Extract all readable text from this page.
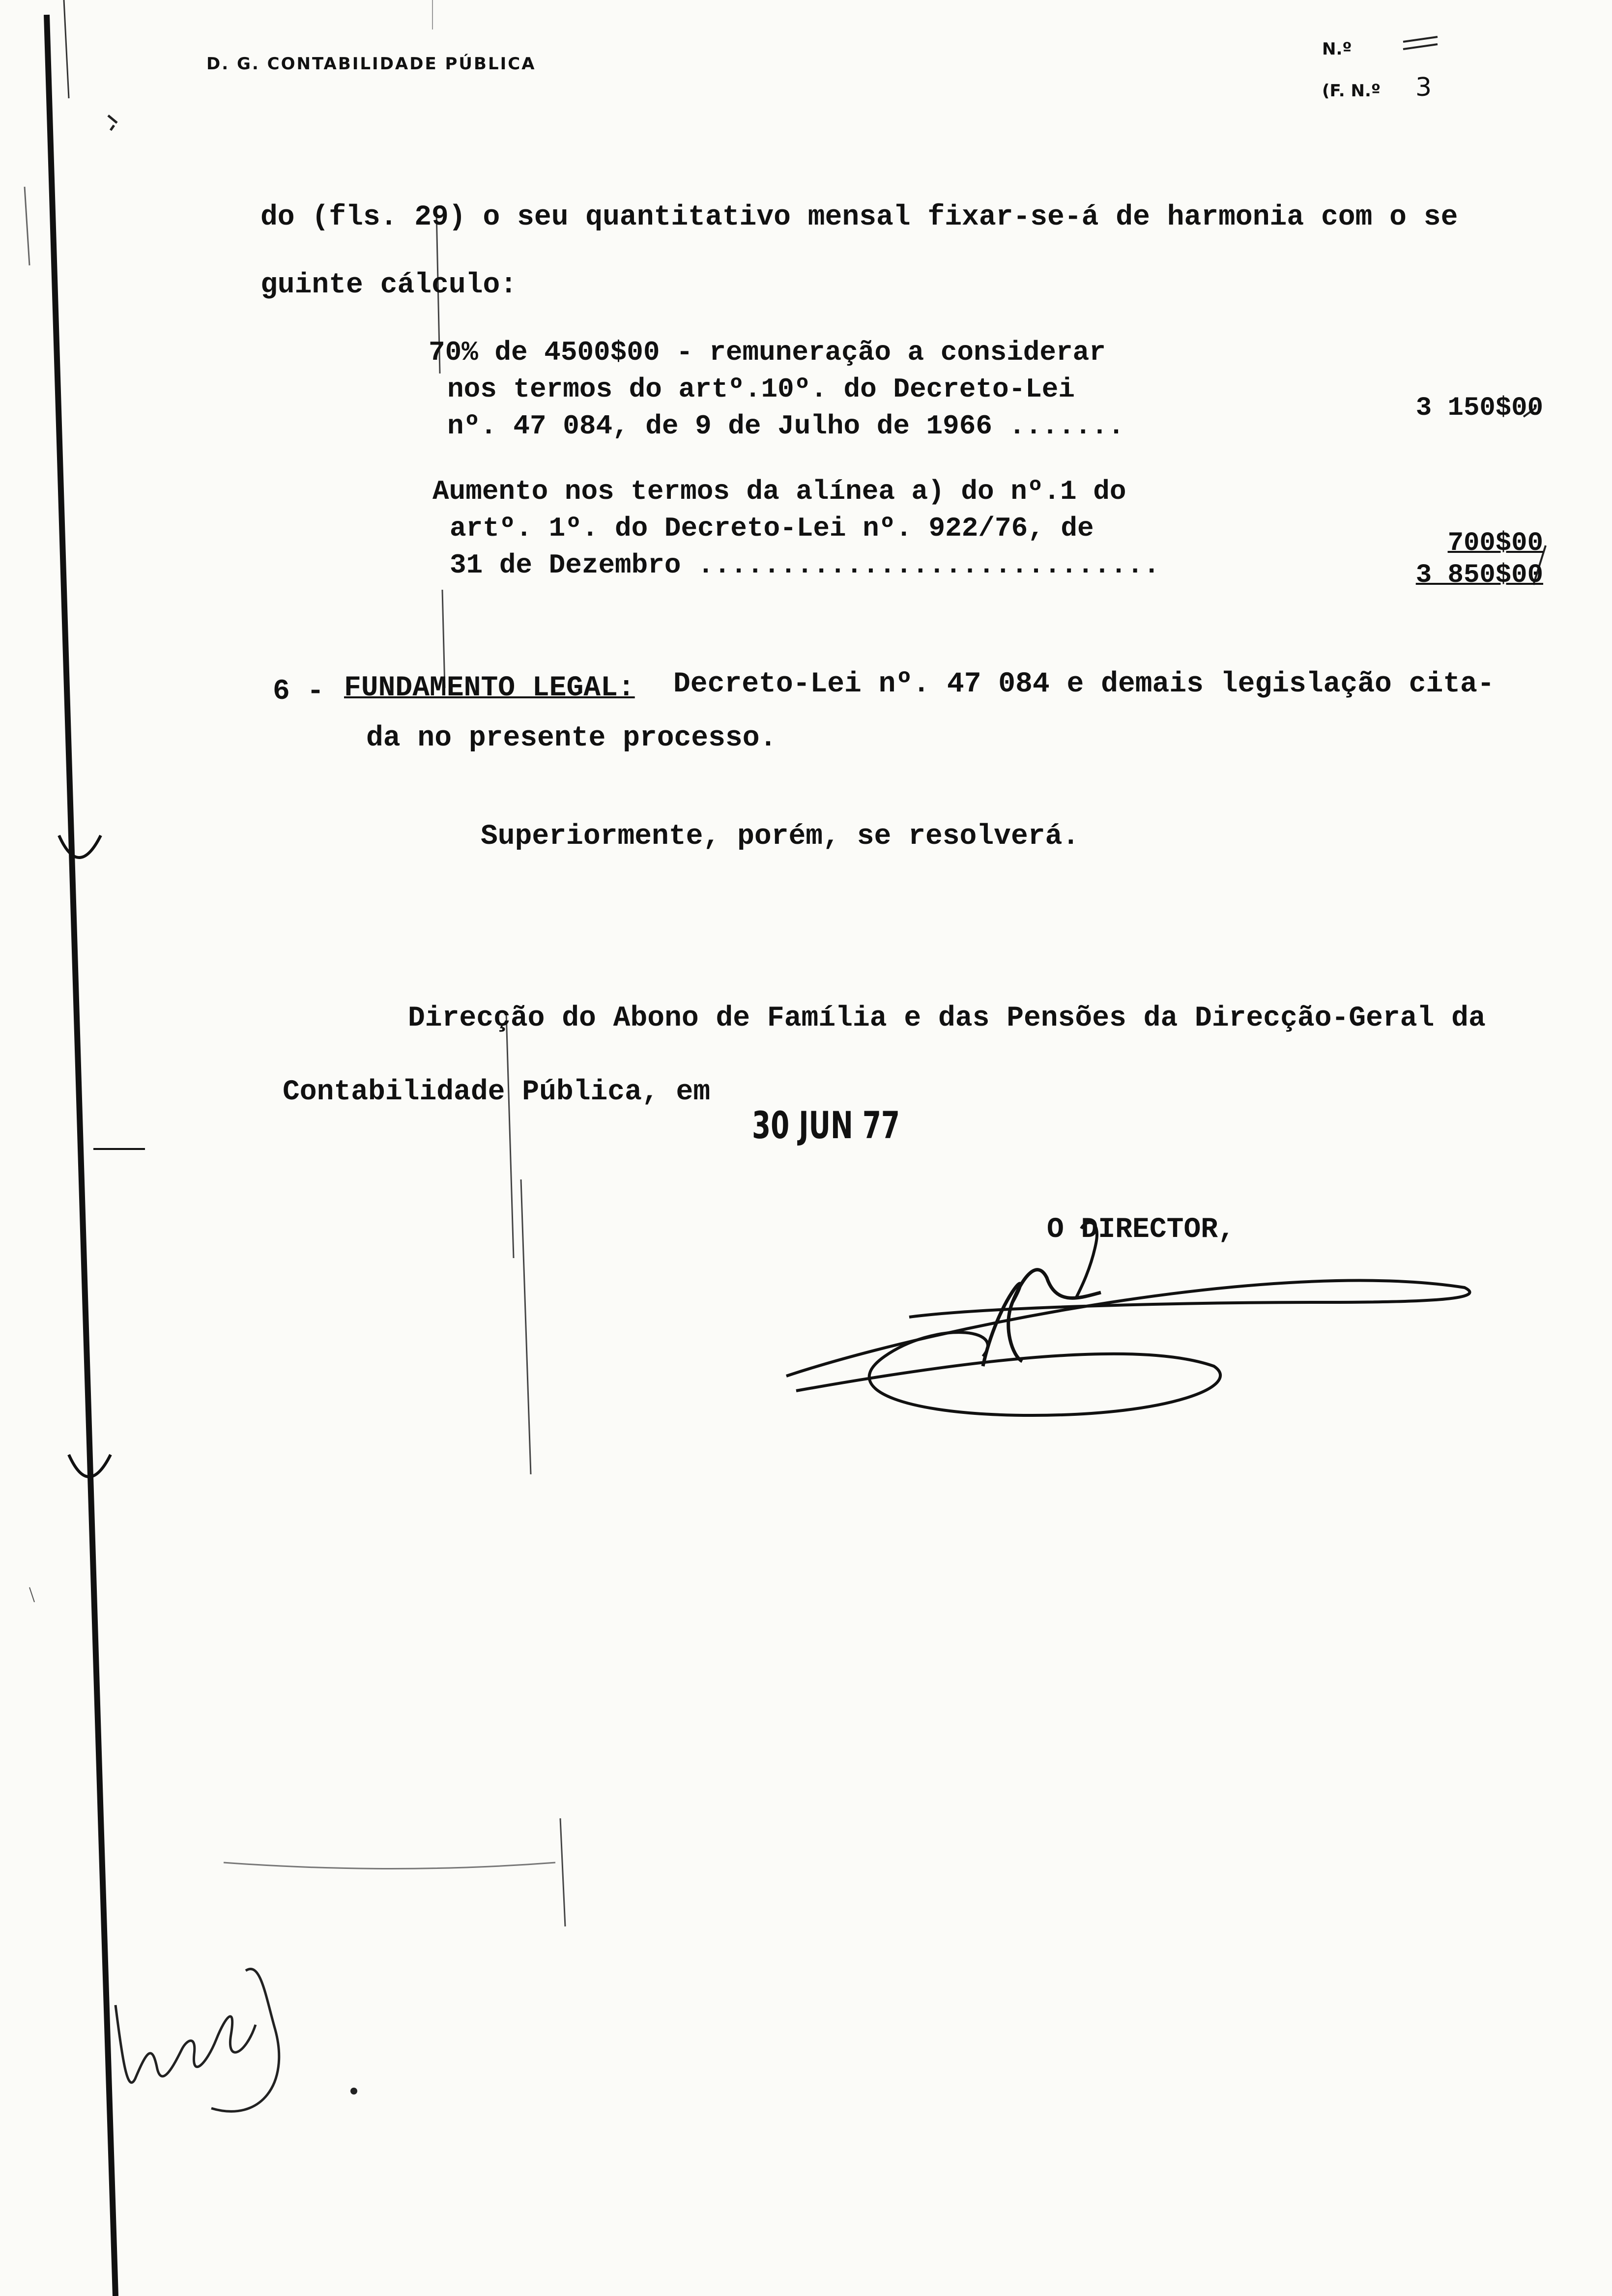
D. G. CONTABILIDADE PÚBLICA
N.º
(F. N.º 3
do (fls. 29) o seu quantitativo mensal fixar-se-á de harmonia com o se
guinte cálculo:
70% de 4500$00 - remuneração a considerar
nos termos do artº.10º. do Decreto-Lei
nº. 47 084, de 9 de Julho de 1966 .......
3 150$00
Aumento nos termos da alínea a) do nº.1 do
artº. 1º. do Decreto-Lei nº. 922/76, de
31 de Dezembro ............................
700$00
3 850$00
6 - FUNDAMENTO LEGAL: Decreto-Lei nº. 47 084 e demais legislação cita-
da no presente processo.
Superiormente, porém, se resolverá.
Direcção do Abono de Família e das Pensões da Direcção-Geral da
Contabilidade Pública, em
30 JUN 77
O DIRECTOR,
